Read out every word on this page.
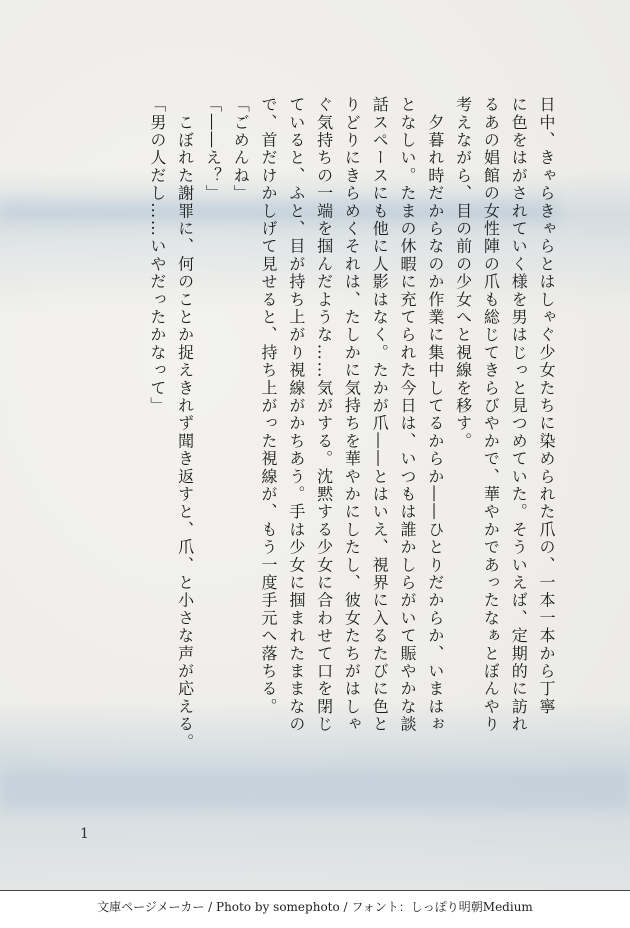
日中、きゃらきゃらとはしゃぐ少女たちに染められた爪の、一本一本から丁寧

に色をはがされていく様を男はじっと見つめていた。そういえば、定期的に訪れ

るあの娼館の女性陣の爪も総じてきらびやかで、華やかであったなぁとぼんやり

考えながら、目の前の少女へと視線を移す。

　夕暮れ時だからなのか作業に集中してるからか――ひとりだからか、いまはぉ

となしい。たまの休暇に充てられた今日は、いつもは誰かしらがいて賑やかな談

話スペースにも他に人影はなく。たかが爪――とはいえ、視界に入るたびに色と

りどりにきらめくそれは、たしかに気持ちを華やかにしたし、彼女たちがはしゃ

ぐ気持ちの一端を掴んだような……気がする。沈黙する少女に合わせて口を閉じ

ていると、ふと、目が持ち上がり視線がかちあう。手は少女に掴まれたままなの

で、首だけかしげて見せると、持ち上がった視線が、もう一度手元へ落ちる。

「ごめんね」

「――え？」

　こぼれた謝罪に、何のことか捉えきれず聞き返すと、爪、と小さな声が応える。

「男の人だし……いやだったかなって」

1
文庫ページメーカー / Photo by somephoto / フォント：しっぽり明朝Medium
